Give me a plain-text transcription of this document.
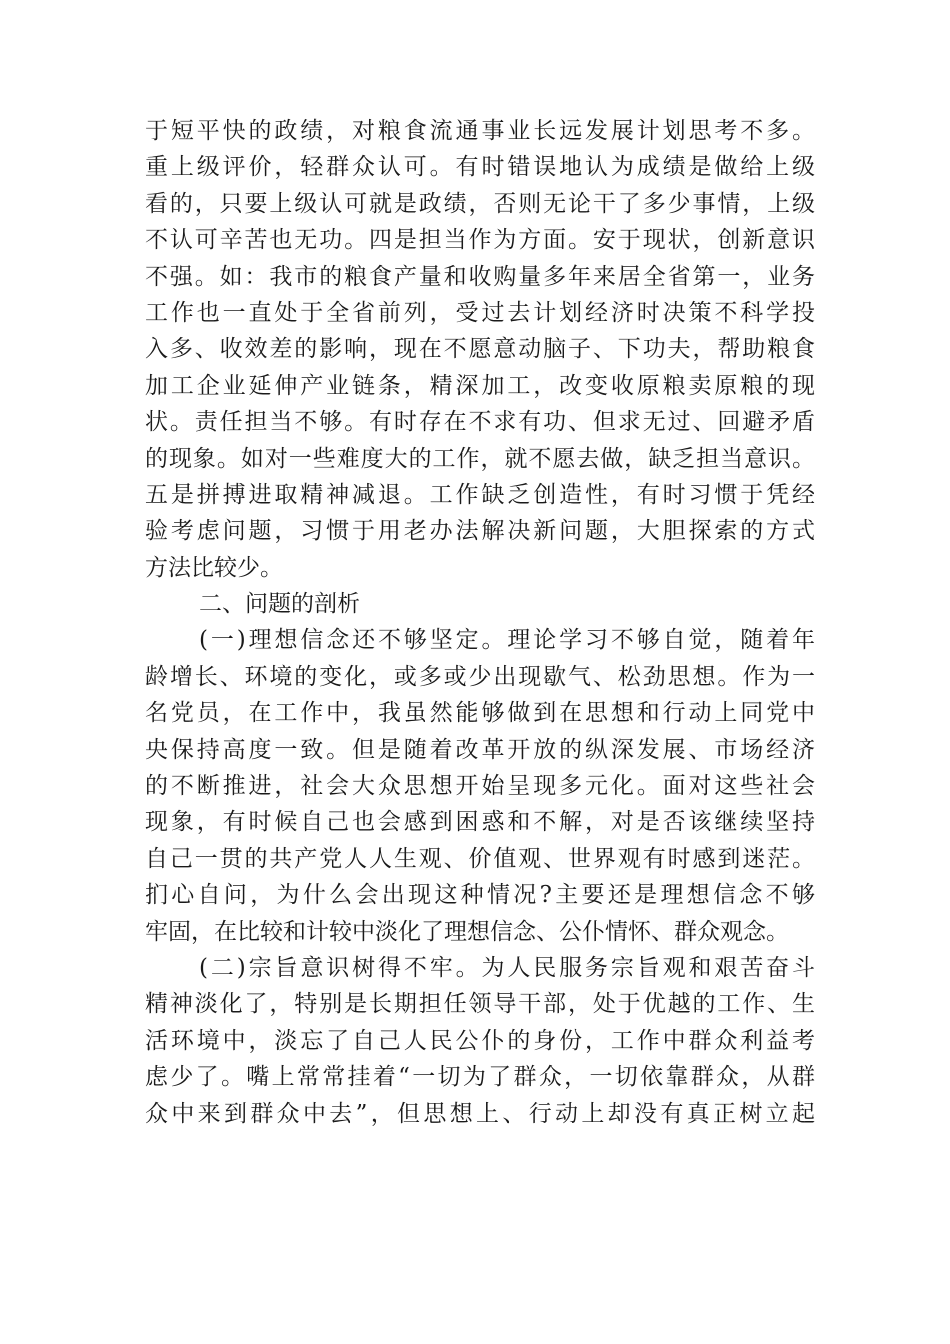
于短平快的政绩，对粮食流通事业长远发展计划思考不多。
重上级评价，轻群众认可。有时错误地认为成绩是做给上级
看的，只要上级认可就是政绩，否则无论干了多少事情，上级
不认可辛苦也无功。四是担当作为方面。安于现状，创新意识
不强。如：我市的粮食产量和收购量多年来居全省第一，业务
工作也一直处于全省前列，受过去计划经济时决策不科学投
入多、收效差的影响，现在不愿意动脑子、下功夫，帮助粮食
加工企业延伸产业链条，精深加工，改变收原粮卖原粮的现
状。责任担当不够。有时存在不求有功、但求无过、回避矛盾
的现象。如对一些难度大的工作，就不愿去做，缺乏担当意识。
五是拼搏进取精神减退。工作缺乏创造性，有时习惯于凭经
验考虑问题，习惯于用老办法解决新问题，大胆探索的方式
方法比较少。
二、问题的剖析
(一)理想信念还不够坚定。理论学习不够自觉，随着年
龄增长、环境的变化，或多或少出现歇气、松劲思想。作为一
名党员，在工作中，我虽然能够做到在思想和行动上同党中
央保持高度一致。但是随着改革开放的纵深发展、市场经济
的不断推进，社会大众思想开始呈现多元化。面对这些社会
现象，有时候自己也会感到困惑和不解，对是否该继续坚持
自己一贯的共产党人人生观、价值观、世界观有时感到迷茫。
扪心自问，为什么会出现这种情况?主要还是理想信念不够
牢固，在比较和计较中淡化了理想信念、公仆情怀、群众观念。
(二)宗旨意识树得不牢。为人民服务宗旨观和艰苦奋斗
精神淡化了，特别是长期担任领导干部，处于优越的工作、生
活环境中，淡忘了自己人民公仆的身份，工作中群众利益考
虑少了。嘴上常常挂着“一切为了群众，一切依靠群众，从群
众中来到群众中去”，但思想上、行动上却没有真正树立起
